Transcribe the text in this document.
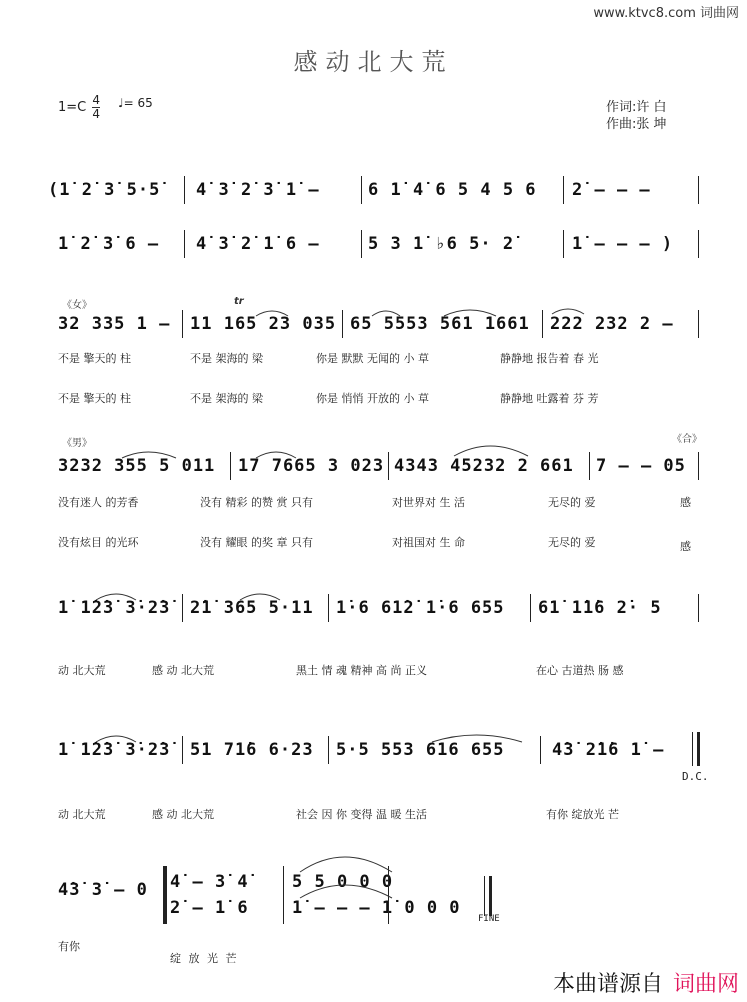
www.ktvc8.com 词曲网
感动北大荒
$1=C \frac{4}{4}$ ♩= 65	作词:许 白
作曲:张 坤
(1̇ 2̇ 3̇ 5·5̇ 4̇ 3̇ 2̇ 3̇ 1̇ –	6 1̇ 4̇ 6 5 4 5 6 2̇ – – –
1̇ 2̇ 3̇ 6 – 4̇ 3̇ 2̇ 1̇ 6 –	5 3 1̇ ♭6 5· 2̇	1̇ – – – )
《女》	tr
32 335 1 – 11 165 23 035 65 5553 561 1661 222 232 2 –
不是 擎天的 柱	不是 架海的 梁	你是 默默 无闻的 小 草	静静地 报告着 春 光
不是 擎天的 柱	不是 架海的 梁	你是 悄悄 开放的 小 草	静静地 吐露着 芬 芳
《男》	《合》
3232 355 5 011 17 7665 3 023 4343 45232 2 661 7 – – 05
没有迷人 的芳香	没有 精彩 的赞 赏 只有	对世界对 生 活	无尽的 爱	感
没有炫目 的光环	没有 耀眼 的奖 章 只有	对祖国对 生 命	无尽的 爱	感
1̇ 1̇2̇3̇ 3̇·2̇3̇ 2̇1̇ 365 5·11 1̇·6 61̇2̇ 1̇·6 655 61̇ 1̇1̇6 2̇· 5
动 北大荒	感 动 北大荒	黑土 情 魂 精神 高 尚 正义	在心 古道热 肠 感
1̇ 1̇2̇3̇ 3̇·2̇3̇ 51 71̇6 6·23 5·5 553 616 655	4̇3̇ 2̇1̇6 1̇ –
D.C.
动 北大荒	感 动 北大荒	社会 因 你 变得 温 暖 生活	有你 绽放光 芒
4̇3̇ 3̇ – 0 4̇ – 3̇ 4̇
2̇ – 1̇ 6
5 5 0 0 0
1̇ – – – 1̇ 0 0 0
FINE
有你
绽 放 光 芒
本曲谱源自 词曲网
